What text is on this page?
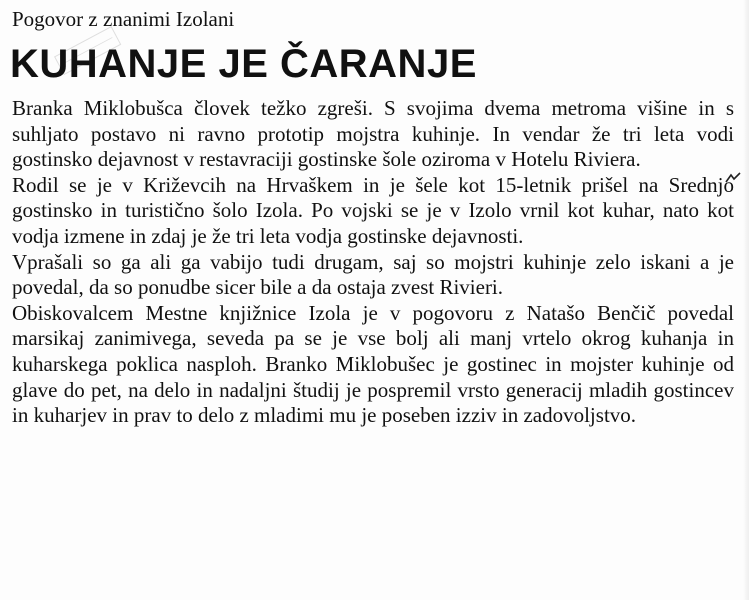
Pogovor z znanimi Izolani
KUHANJE JE ČARANJE

Branka Miklobušca človek težko zgreši. S svojima dvema metroma višine in s suhljato postavo ni ravno prototip mojstra kuhinje. In vendar že tri leta vodi gostinsko dejavnost v restavraciji gostinske šole oziroma v Hotelu Riviera.

Rodil se je v Križevcih na Hrvaškem in je šele kot 15-letnik prišel na Srednjo gostinsko in turistično šolo Izola. Po vojski se je v Izolo vrnil kot kuhar, nato kot vodja izmene in zdaj je že tri leta vodja gostinske dejavnosti.

Vprašali so ga ali ga vabijo tudi drugam, saj so mojstri kuhinje zelo iskani a je povedal, da so ponudbe sicer bile a da ostaja zvest Rivieri.

Obiskovalcem Mestne knjižnice Izola je v pogovoru z Natašo Benčič povedal marsikaj zanimivega, seveda pa se je vse bolj ali manj vrtelo okrog kuhanja in kuharskega poklica nasploh. Branko Miklobušec je gostinec in mojster kuhinje od glave do pet, na delo in nadaljni študij je pospremil vrsto generacij mladih gostincev in kuharjev in prav to delo z mladimi mu je poseben izziv in zadovoljstvo.
